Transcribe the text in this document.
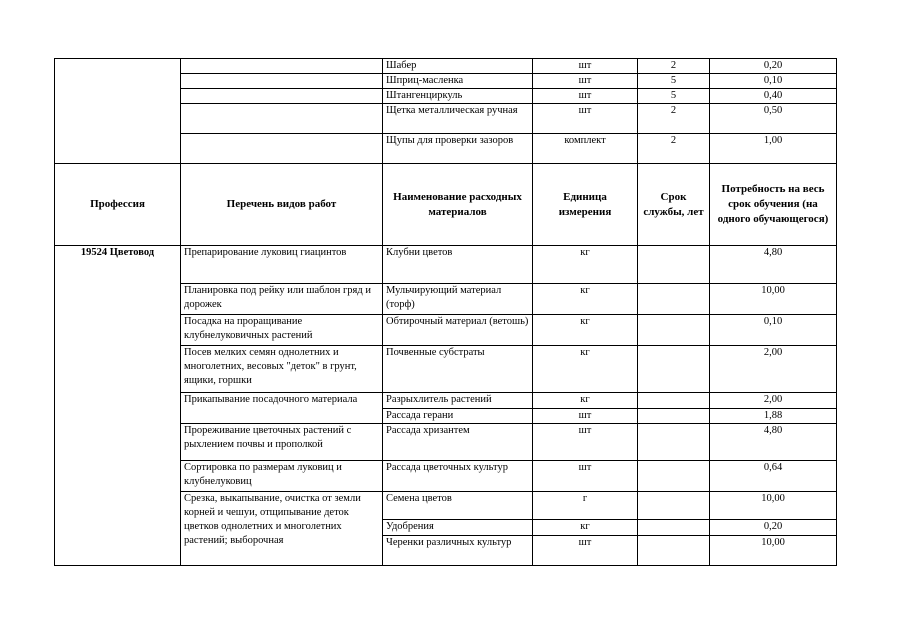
		Шабер	шт	2	0,20
		Шприц-масленка	шт	5	0,10
		Штангенциркуль	шт	5	0,40
		Щетка металлическая ручная	шт	2	0,50
		Щупы для проверки зазоров	комплект	2	1,00
Профессия	Перечень видов работ	Наименование расходных материалов	Единица измерения	Срок службы, лет	Потребность на весь срок обучения (на одного обучающегося)
19524 Цветовод	Препарирование луковиц гиацинтов	Клубни цветов	кг		4,80
	Планировка под рейку или шаблон гряд и дорожек	Мульчирующий материал (торф)	кг		10,00
	Посадка на проращивание клубнелуковичных растений	Обтирочный материал (ветошь)	кг		0,10
	Посев мелких семян однолетних и многолетних, весовых "деток" в грунт, ящики, горшки	Почвенные субстраты	кг		2,00
	Прикапывание посадочного материала	Разрыхлитель растений	кг		2,00
		Рассада герани	шт		1,88
	Прореживание цветочных растений с рыхлением почвы и прополкой	Рассада хризантем	шт		4,80
	Сортировка по размерам луковиц и клубнелуковиц	Рассада цветочных культур	шт		0,64
	Срезка, выкапывание, очистка от земли корней и чешуи, отщипывание деток цветков однолетних и многолетних растений; выборочная	Семена цветов	г		10,00
		Удобрения	кг		0,20
		Черенки различных культур	шт		10,00
